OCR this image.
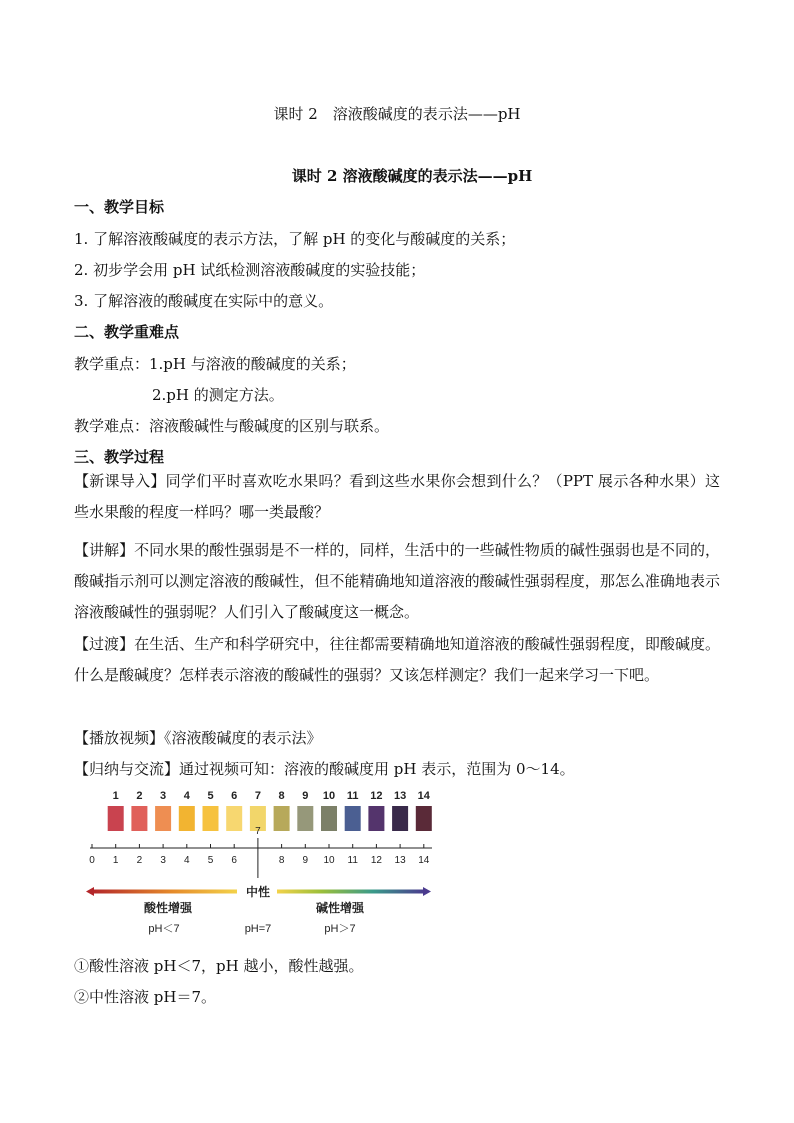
课时 2　溶液酸碱度的表示法——pH
课时 2 溶液酸碱度的表示法——pH
一、教学目标
1. 了解溶液酸碱度的表示方法，了解 pH 的变化与酸碱度的关系；
2. 初步学会用 pH 试纸检测溶液酸碱度的实验技能；
3. 了解溶液的酸碱度在实际中的意义。
二、教学重难点
教学重点：1.pH 与溶液的酸碱度的关系；
2.pH 的测定方法。
教学难点：溶液酸碱性与酸碱度的区别与联系。
三、教学过程
【新课导入】同学们平时喜欢吃水果吗？看到这些水果你会想到什么？（PPT 展示各种水果）这些水果酸的程度一样吗？哪一类最酸？
【讲解】不同水果的酸性强弱是不一样的，同样，生活中的一些碱性物质的碱性强弱也是不同的，酸碱指示剂可以测定溶液的酸碱性，但不能精确地知道溶液的酸碱性强弱程度，那怎么准确地表示溶液酸碱性的强弱呢？人们引入了酸碱度这一概念。
【过渡】在生活、生产和科学研究中，往往都需要精确地知道溶液的酸碱性强弱程度，即酸碱度。什么是酸碱度？怎样表示溶液的酸碱性的强弱？又该怎样测定？我们一起来学习一下吧。
【播放视频】《溶液酸碱度的表示法》
【归纳与交流】通过视频可知：溶液的酸碱度用 pH 表示，范围为 0～14。
1 2 3 4 5 6 7 8 9 10 11 12 13 14
0 1 2 3 4 5 6
7
8 9 10 11 12 13 14
中性
酸性增强	碱性增强
pH＜7	pH=7	pH＞7
①酸性溶液 pH＜7，pH 越小，酸性越强。
②中性溶液 pH＝7。
